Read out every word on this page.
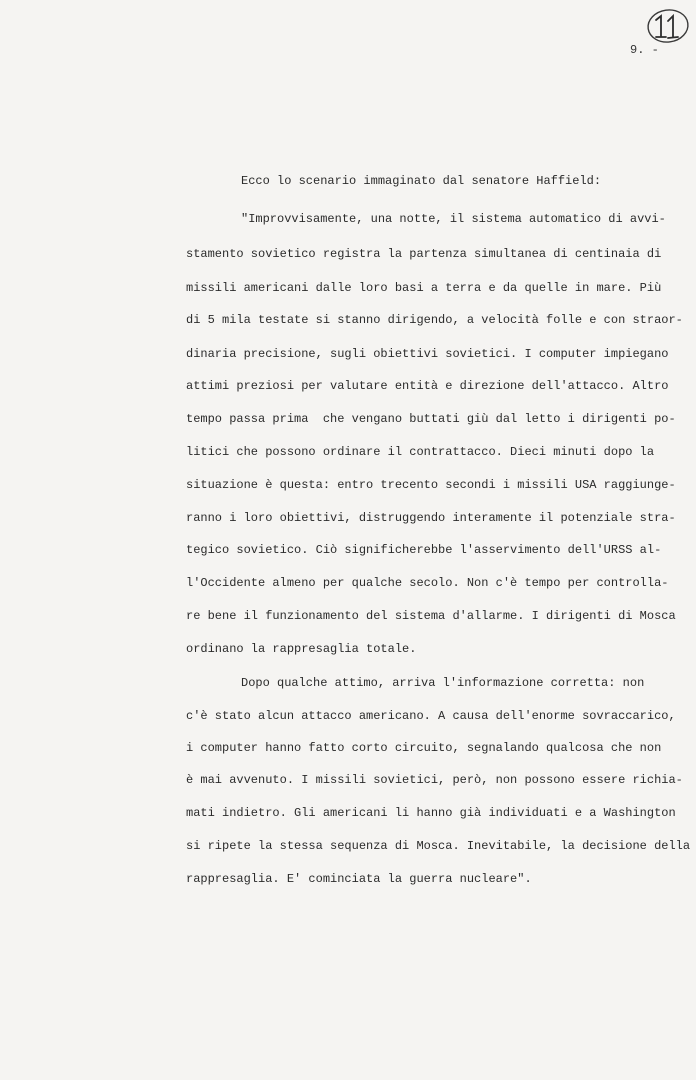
9. -
Ecco lo scenario immaginato dal senatore Haffield:
"Improvvisamente, una notte, il sistema automatico di avvi-
stamento sovietico registra la partenza simultanea di centinaia di
missili americani dalle loro basi a terra e da quelle in mare. Più
di 5 mila testate si stanno dirigendo, a velocità folle e con straor-
dinaria precisione, sugli obiettivi sovietici. I computer impiegano
attimi preziosi per valutare entità e direzione dell'attacco. Altro
tempo passa prima  che vengano buttati giù dal letto i dirigenti po-
litici che possono ordinare il contrattacco. Dieci minuti dopo la
situazione è questa: entro trecento secondi i missili USA raggiunge-
ranno i loro obiettivi, distruggendo interamente il potenziale stra-
tegico sovietico. Ciò significherebbe l'asservimento dell'URSS al-
l'Occidente almeno per qualche secolo. Non c'è tempo per controlla-
re bene il funzionamento del sistema d'allarme. I dirigenti di Mosca
ordinano la rappresaglia totale.
Dopo qualche attimo, arriva l'informazione corretta: non
c'è stato alcun attacco americano. A causa dell'enorme sovraccarico,
i computer hanno fatto corto circuito, segnalando qualcosa che non
è mai avvenuto. I missili sovietici, però, non possono essere richia-
mati indietro. Gli americani li hanno già individuati e a Washington
si ripete la stessa sequenza di Mosca. Inevitabile, la decisione della
rappresaglia. E' cominciata la guerra nucleare".
